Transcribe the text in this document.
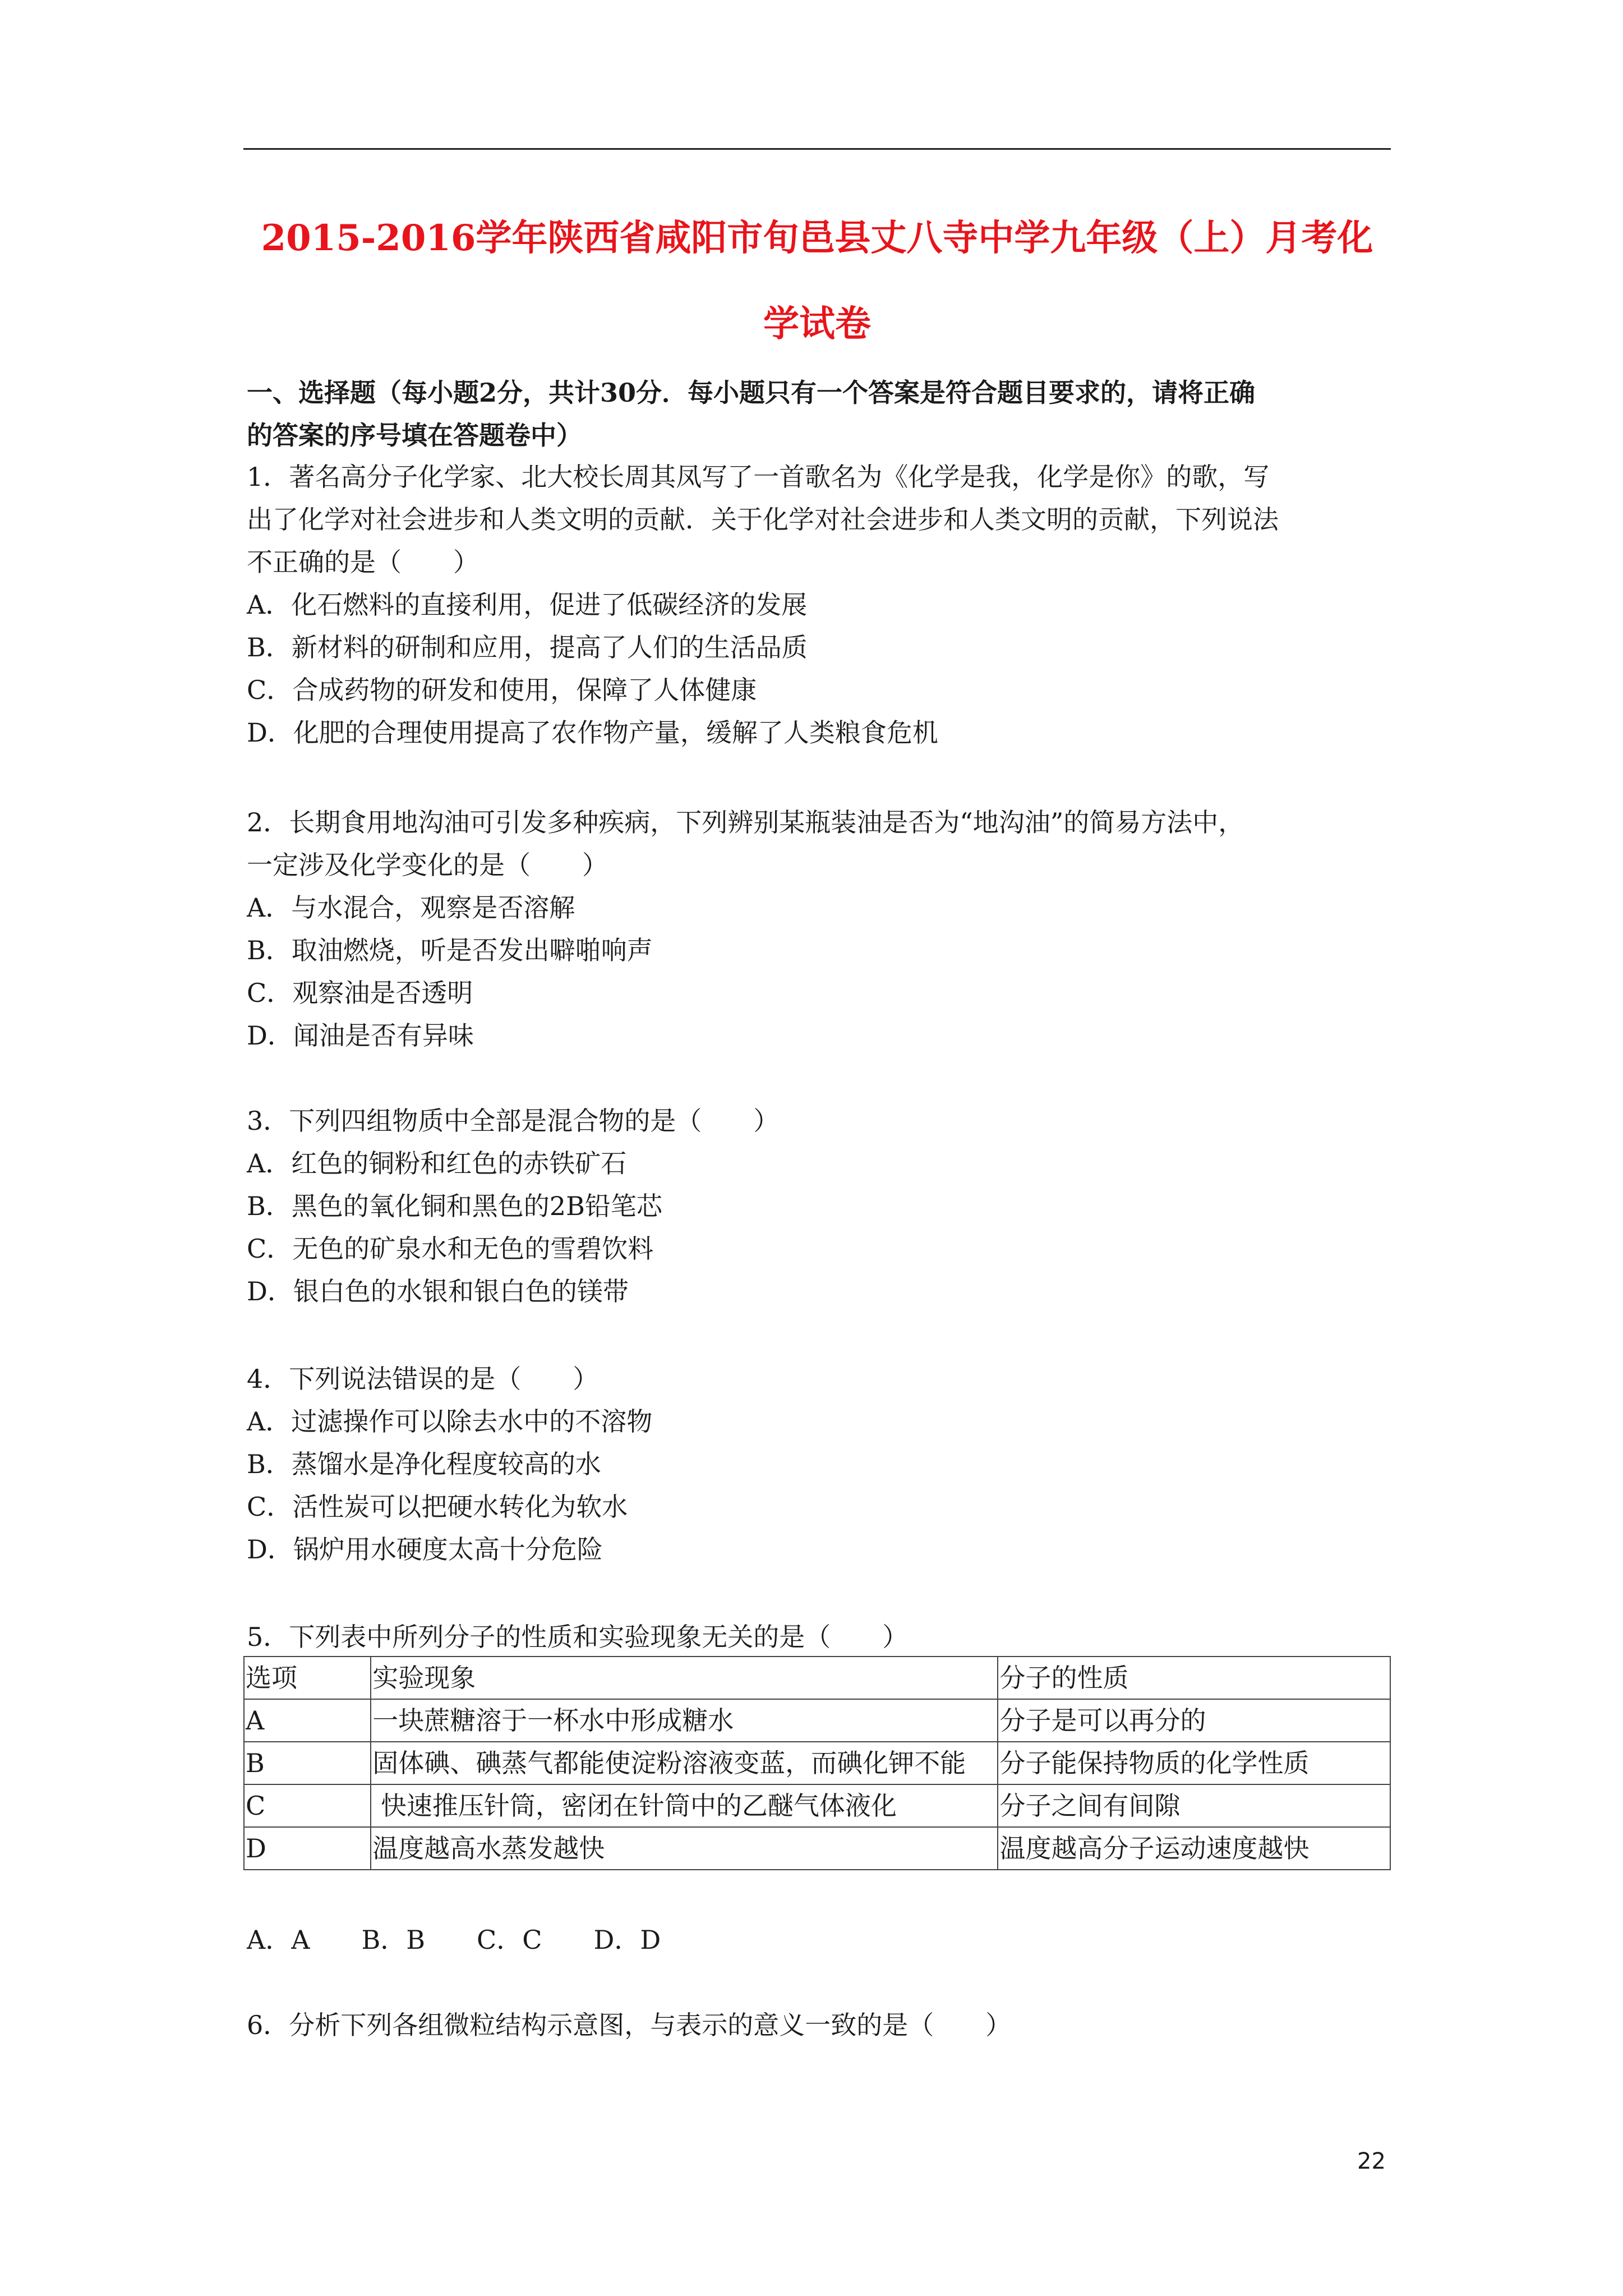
2015-2016学年陕西省咸阳市旬邑县丈八寺中学九年级（上）月考化
学试卷
一、选择题（每小题2分，共计30分．每小题只有一个答案是符合题目要求的，请将正确
的答案的序号填在答题卷中）

1．著名高分子化学家、北大校长周其凤写了一首歌名为《化学是我，化学是你》的歌，写

出了化学对社会进步和人类文明的贡献．关于化学对社会进步和人类文明的贡献，下列说法

不正确的是（　　）

A．化石燃料的直接利用，促进了低碳经济的发展

B．新材料的研制和应用，提高了人们的生活品质

C．合成药物的研发和使用，保障了人体健康

D．化肥的合理使用提高了农作物产量，缓解了人类粮食危机

2．长期食用地沟油可引发多种疾病，下列辨别某瓶装油是否为“地沟油”的简易方法中，

一定涉及化学变化的是（　　）

A．与水混合，观察是否溶解

B．取油燃烧，听是否发出噼啪响声

C．观察油是否透明

D．闻油是否有异味

3．下列四组物质中全部是混合物的是（　　）

A．红色的铜粉和红色的赤铁矿石

B．黑色的氧化铜和黑色的2B铅笔芯

C．无色的矿泉水和无色的雪碧饮料

D．银白色的水银和银白色的镁带

4．下列说法错误的是（　　）

A．过滤操作可以除去水中的不溶物

B．蒸馏水是净化程度较高的水

C．活性炭可以把硬水转化为软水

D．锅炉用水硬度太高十分危险

5．下列表中所列分子的性质和实验现象无关的是（　　）

选项	实验现象	分子的性质
A	一块蔗糖溶于一杯水中形成糖水	分子是可以再分的
B	固体碘、碘蒸气都能使淀粉溶液变蓝，而碘化钾不能	分子能保持物质的化学性质
C	快速推压针筒，密闭在针筒中的乙醚气体液化	分子之间有间隙
D	温度越高水蒸发越快	温度越高分子运动速度越快
A．A　　B．B　　C．C　　D．D

6．分析下列各组微粒结构示意图，与表示的意义一致的是（　　）

22
